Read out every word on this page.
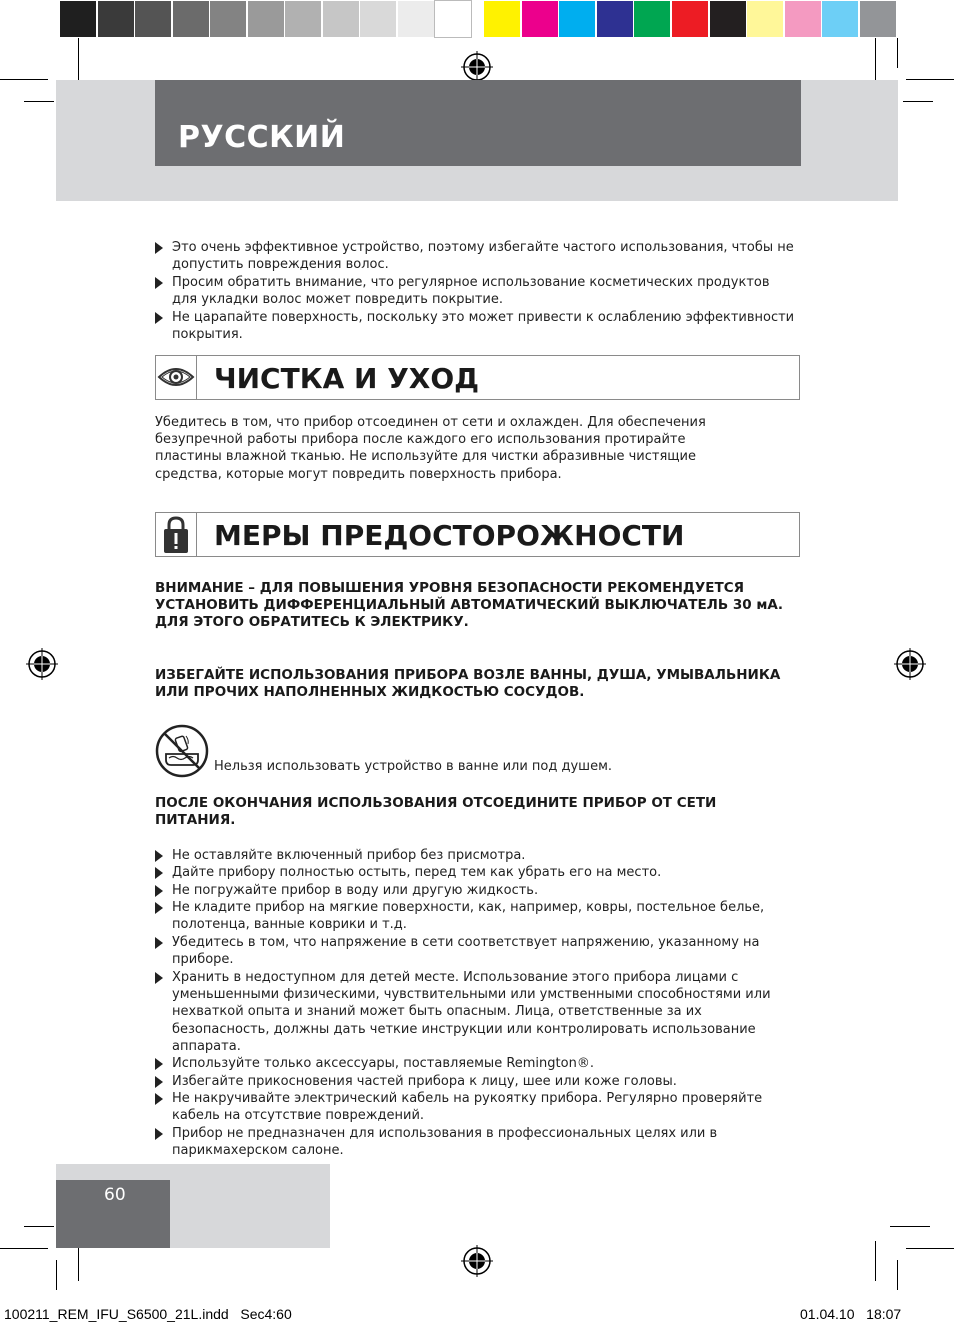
РУССКИЙ
Это очень эффективное устройство, поэтому избегайте частого использования, чтобы не допустить повреждения волос.
Просим обратить внимание, что регулярное использование косметических продуктов для укладки волос может повредить покрытие.
Не царапайте поверхность, поскольку это может привести к ослаблению эффективности покрытия.
ЧИСТКА И УХОД
Убедитесь в том, что прибор отсоединен от сети и охлажден. Для обеспечения безупречной работы прибора после каждого его использования протирайте пластины влажной тканью. Не используйте для чистки абразивные чистящие средства, которые могут повредить поверхность прибора.
МЕРЫ ПРЕДОСТОРОЖНОСТИ
ВНИМАНИЕ – ДЛЯ ПОВЫШЕНИЯ УРОВНЯ БЕЗОПАСНОСТИ РЕКОМЕНДУЕТСЯ УСТАНОВИТЬ ДИФФЕРЕНЦИАЛЬНЫЙ АВТОМАТИЧЕСКИЙ ВЫКЛЮЧАТЕЛЬ 30 мА. ДЛЯ ЭТОГО ОБРАТИТЕСЬ К ЭЛЕКТРИКУ.
ИЗБЕГАЙТЕ ИСПОЛЬЗОВАНИЯ ПРИБОРА ВОЗЛЕ ВАННЫ, ДУША, УМЫВАЛЬНИКА ИЛИ ПРОЧИХ НАПОЛНЕННЫХ ЖИДКОСТЬЮ СОСУДОВ.
Нельзя использовать устройство в ванне или под душем.
ПОСЛЕ ОКОНЧАНИЯ ИСПОЛЬЗОВАНИЯ ОТСОЕДИНИТЕ ПРИБОР ОТ СЕТИ ПИТАНИЯ.
Не оставляйте включенный прибор без присмотра.
Дайте прибору полностью остыть, перед тем как убрать его на место.
Не погружайте прибор в воду или другую жидкость.
Не кладите прибор на мягкие поверхности, как, например, ковры, постельное белье, полотенца, ванные коврики и т.д.
Убедитесь в том, что напряжение в сети соответствует напряжению, указанному на приборе.
Хранить в недоступном для детей месте. Использование этого прибора лицами с уменьшенными физическими, чувствительными или умственными способностями или нехваткой опыта и знаний может быть опасным. Лица, ответственные за их безопасность, должны дать четкие инструкции или контролировать использование аппарата.
Используйте только аксессуары, поставляемые Remington®.
Избегайте прикосновения частей прибора к лицу, шее или коже головы.
Не накручивайте электрический кабель на рукоятку прибора. Регулярно проверяйте кабель на отсутствие повреждений.
Прибор не предназначен для использования в профессиональных целях или в парикмахерском салоне.
60
100211_REM_IFU_S6500_21L.indd   Sec4:60	01.04.10   18:07
